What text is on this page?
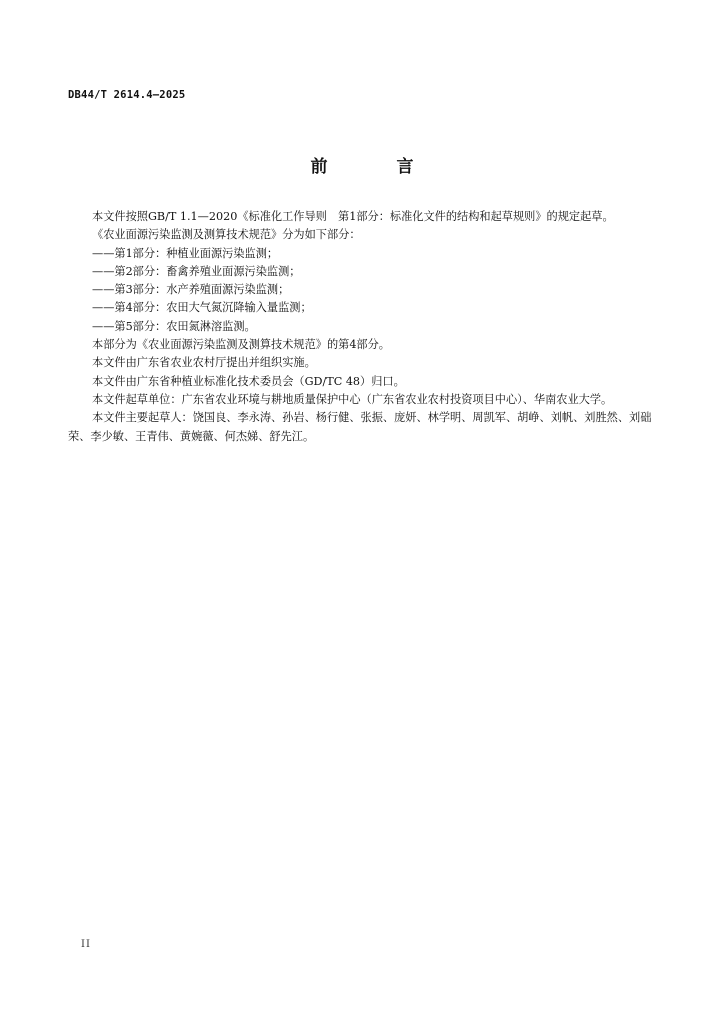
DB44/T 2614.4—2025
前　言

本文件按照GB/T 1.1—2020《标准化工作导则　第1部分：标准化文件的结构和起草规则》的规定起草。

《农业面源污染监测及测算技术规范》分为如下部分：

——第1部分：种植业面源污染监测；

——第2部分：畜禽养殖业面源污染监测；

——第3部分：水产养殖面源污染监测；

——第4部分：农田大气氮沉降输入量监测；

——第5部分：农田氮淋溶监测。

本部分为《农业面源污染监测及测算技术规范》的第4部分。

本文件由广东省农业农村厅提出并组织实施。

本文件由广东省种植业标准化技术委员会（GD/TC 48）归口。

本文件起草单位：广东省农业环境与耕地质量保护中心（广东省农业农村投资项目中心）、华南农业大学。

本文件主要起草人：饶国良、李永涛、孙岩、杨行健、张振、庞妍、林学明、周凯军、胡峥、刘帆、刘胜然、刘础荣、李少敏、王青伟、黄婉薇、何杰娣、舒先江。

II
